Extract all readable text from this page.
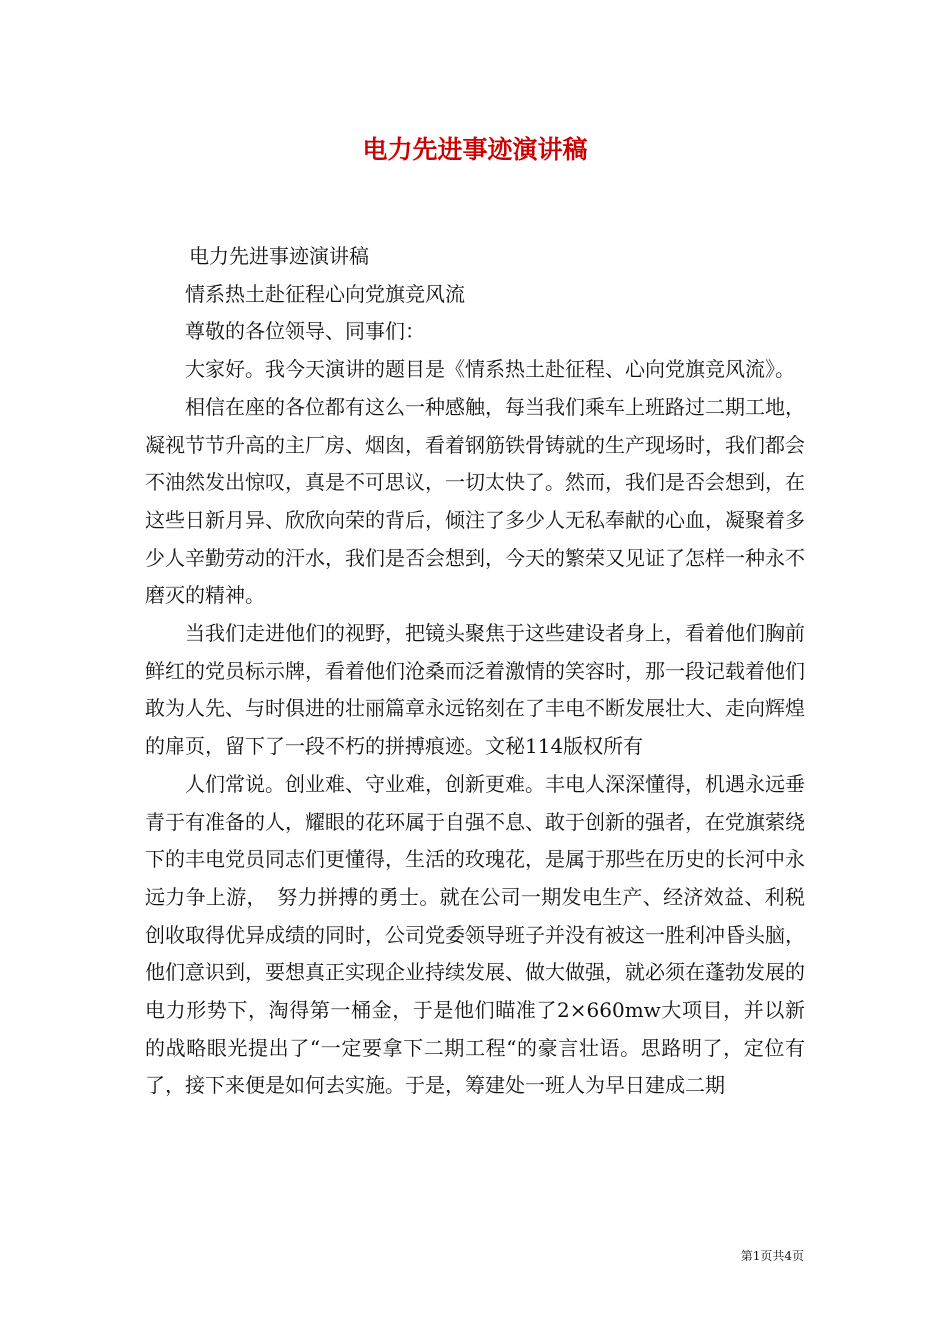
电力先进事迹演讲稿

电力先进事迹演讲稿

情系热土赴征程心向党旗竞风流

尊敬的各位领导、同事们：

大家好。我今天演讲的题目是《情系热土赴征程、心向党旗竞风流》。

相信在座的各位都有这么一种感触，每当我们乘车上班路过二期工地，凝视节节升高的主厂房、烟囱，看着钢筋铁骨铸就的生产现场时，我们都会不油然发出惊叹，真是不可思议，一切太快了。然而，我们是否会想到，在这些日新月异、欣欣向荣的背后，倾注了多少人无私奉献的心血，凝聚着多少人辛勤劳动的汗水，我们是否会想到，今天的繁荣又见证了怎样一种永不磨灭的精神。

当我们走进他们的视野，把镜头聚焦于这些建设者身上，看着他们胸前鲜红的党员标示牌，看着他们沧桑而泛着激情的笑容时，那一段记载着他们敢为人先、与时俱进的壮丽篇章永远铭刻在了丰电不断发展壮大、走向辉煌的扉页，留下了一段不朽的拼搏痕迹。文秘114版权所有

人们常说。创业难、守业难，创新更难。丰电人深深懂得，机遇永远垂青于有准备的人，耀眼的花环属于自强不息、敢于创新的强者，在党旗萦绕下的丰电党员同志们更懂得，生活的玫瑰花，是属于那些在历史的长河中永远力争上游，　努力拼搏的勇士。就在公司一期发电生产、经济效益、利税创收取得优异成绩的同时，公司党委领导班子并没有被这一胜利冲昏头脑，他们意识到，要想真正实现企业持续发展、做大做强，就必须在蓬勃发展的电力形势下，淘得第一桶金，于是他们瞄准了2×660mw大项目，并以新的战略眼光提出了“一定要拿下二期工程“的豪言壮语。思路明了，定位有了，接下来便是如何去实施。于是，筹建处一班人为早日建成二期

第1页共4页
